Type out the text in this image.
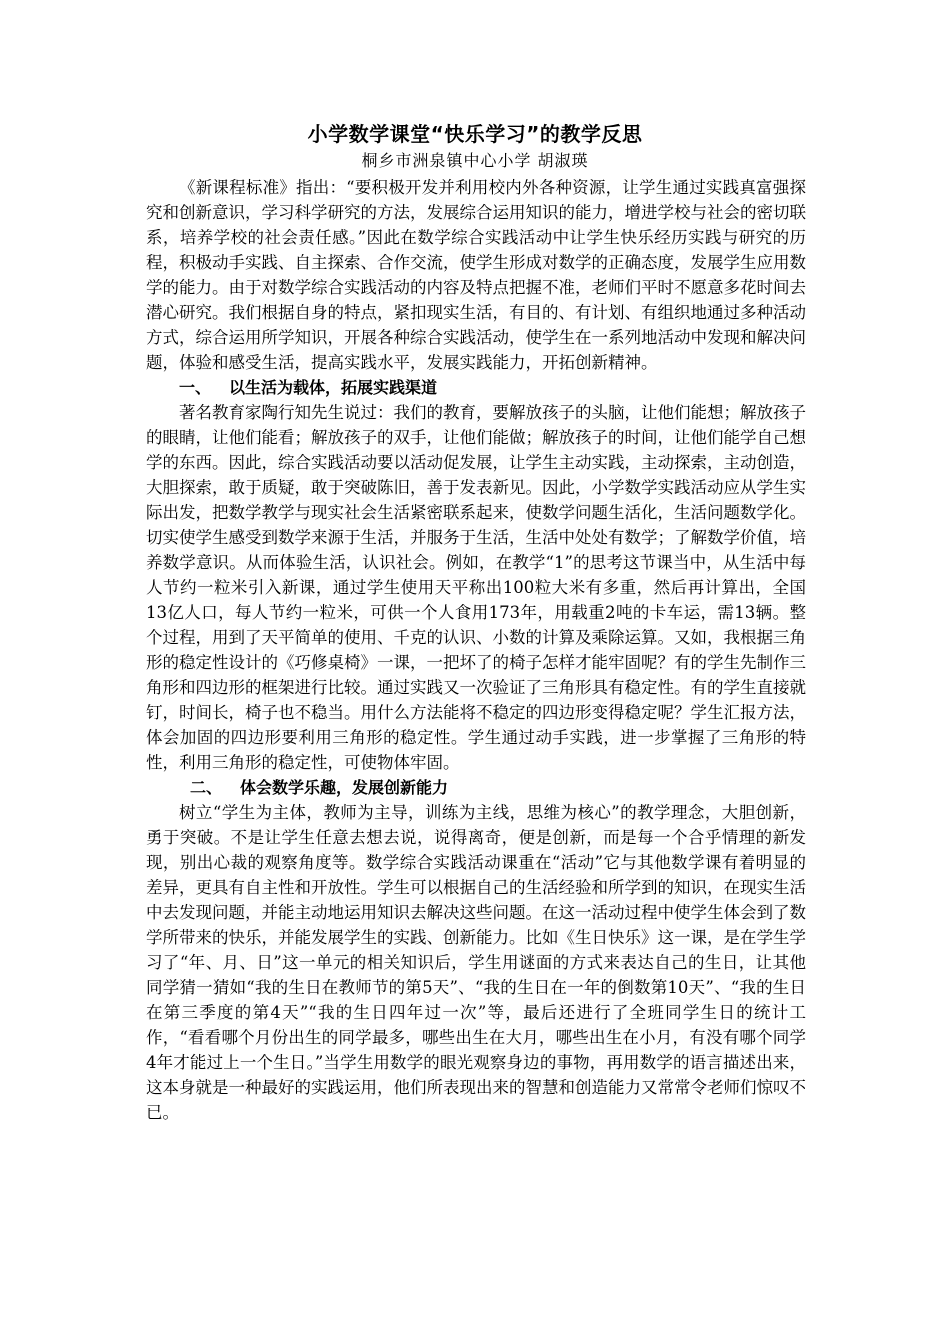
小学数学课堂“快乐学习”的教学反思
桐乡市洲泉镇中心小学 胡淑瑛

《新课程标准》指出：“要积极开发并利用校内外各种资源，让学生通过实践真富强探究和创新意识，学习科学研究的方法，发展综合运用知识的能力，增进学校与社会的密切联系，培养学校的社会责任感。”因此在数学综合实践活动中让学生快乐经历实践与研究的历程，积极动手实践、自主探索、合作交流，使学生形成对数学的正确态度，发展学生应用数学的能力。由于对数学综合实践活动的内容及特点把握不准，老师们平时不愿意多花时间去潜心研究。我们根据自身的特点，紧扣现实生活，有目的、有计划、有组织地通过多种活动方式，综合运用所学知识，开展各种综合实践活动，使学生在一系列地活动中发现和解决问题，体验和感受生活，提高实践水平，发展实践能力，开拓创新精神。

一、 以生活为载体，拓展实践渠道

著名教育家陶行知先生说过：我们的教育，要解放孩子的头脑，让他们能想；解放孩子的眼睛，让他们能看；解放孩子的双手，让他们能做；解放孩子的时间，让他们能学自己想学的东西。因此，综合实践活动要以活动促发展，让学生主动实践，主动探索，主动创造，大胆探索，敢于质疑，敢于突破陈旧，善于发表新见。因此，小学数学实践活动应从学生实际出发，把数学教学与现实社会生活紧密联系起来，使数学问题生活化，生活问题数学化。切实使学生感受到数学来源于生活，并服务于生活，生活中处处有数学；了解数学价值，培养数学意识。从而体验生活，认识社会。例如，在教学“1”的思考这节课当中，从生活中每人节约一粒米引入新课，通过学生使用天平称出100粒大米有多重，然后再计算出，全国13亿人口，每人节约一粒米，可供一个人食用173年，用载重2吨的卡车运，需13辆。整个过程，用到了天平简单的使用、千克的认识、小数的计算及乘除运算。又如，我根据三角形的稳定性设计的《巧修桌椅》一课，一把坏了的椅子怎样才能牢固呢？有的学生先制作三角形和四边形的框架进行比较。通过实践又一次验证了三角形具有稳定性。有的学生直接就钉，时间长，椅子也不稳当。用什么方法能将不稳定的四边形变得稳定呢？学生汇报方法，体会加固的四边形要利用三角形的稳定性。学生通过动手实践，进一步掌握了三角形的特性，利用三角形的稳定性，可使物体牢固。

二、 体会数学乐趣，发展创新能力

树立“学生为主体，教师为主导，训练为主线，思维为核心”的教学理念，大胆创新，勇于突破。不是让学生任意去想去说，说得离奇，便是创新，而是每一个合乎情理的新发现，别出心裁的观察角度等。数学综合实践活动课重在“活动”它与其他数学课有着明显的差异，更具有自主性和开放性。学生可以根据自己的生活经验和所学到的知识，在现实生活中去发现问题，并能主动地运用知识去解决这些问题。在这一活动过程中使学生体会到了数学所带来的快乐，并能发展学生的实践、创新能力。比如《生日快乐》这一课，是在学生学习了“年、月、日”这一单元的相关知识后，学生用谜面的方式来表达自己的生日，让其他同学猜一猜如“我的生日在教师节的第5天”、“我的生日在一年的倒数第10天”、“我的生日在第三季度的第4天”“我的生日四年过一次”等，最后还进行了全班同学生日的统计工作，“看看哪个月份出生的同学最多，哪些出生在大月，哪些出生在小月，有没有哪个同学4年才能过上一个生日。”当学生用数学的眼光观察身边的事物，再用数学的语言描述出来，这本身就是一种最好的实践运用，他们所表现出来的智慧和创造能力又常常令老师们惊叹不已。
